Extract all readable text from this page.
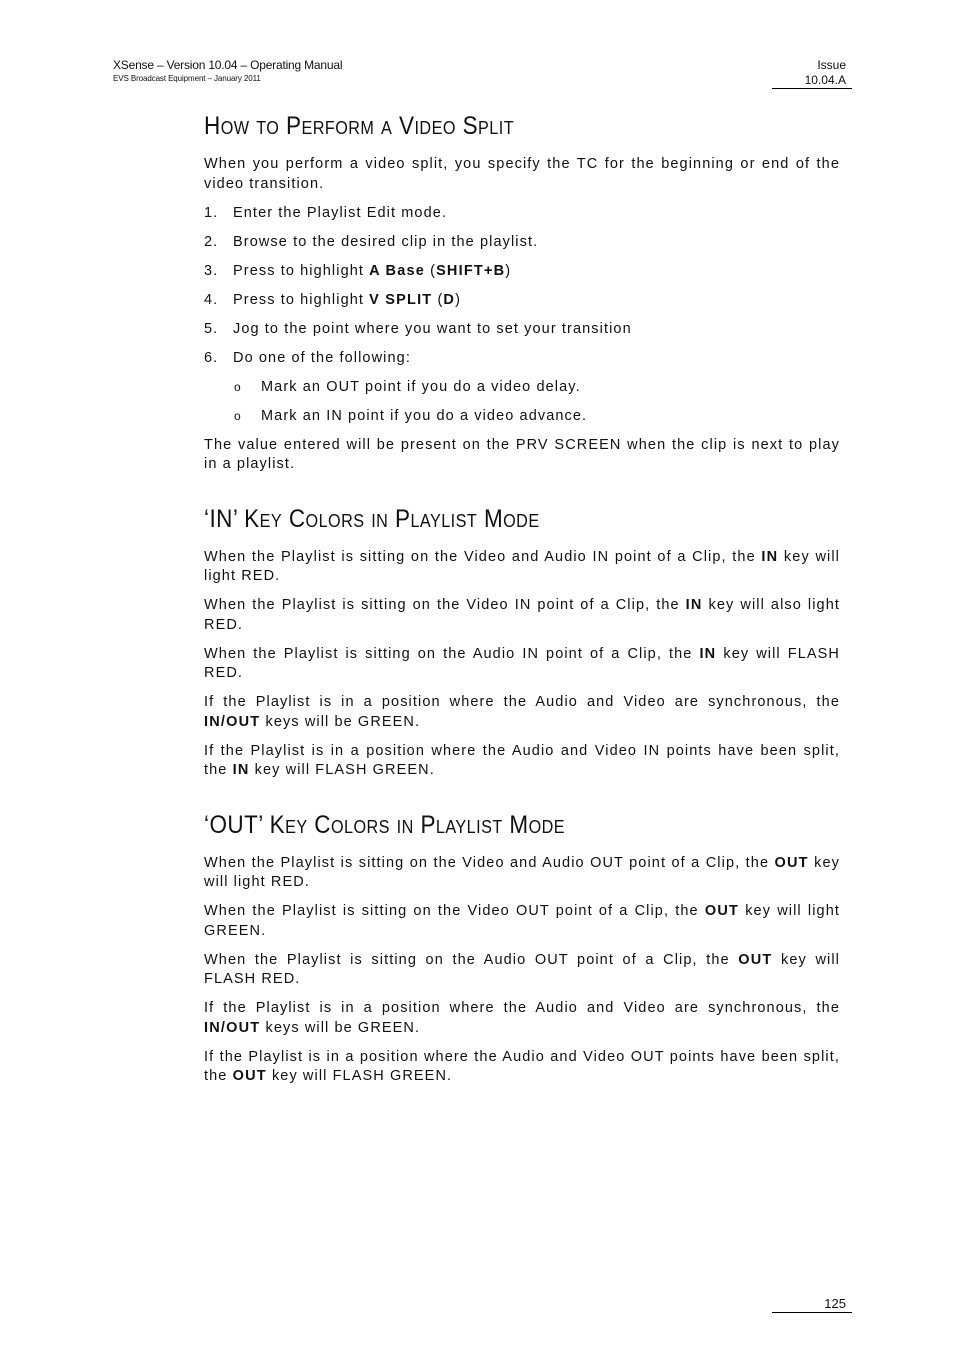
XSense – Version 10.04 – Operating Manual
EVS Broadcast Equipment – January 2011
Issue
10.04.A
How to Perform a Video Split

When you perform a video split, you specify the TC for the beginning or end of the video transition.

1.	Enter the Playlist Edit mode.
2.	Browse to the desired clip in the playlist.
3.	Press to highlight A Base (SHIFT+B)
4.	Press to highlight V SPLIT (D)
5.	Jog to the point where you want to set your transition
6.	Do one of the following:
o	Mark an OUT point if you do a video delay.
o	Mark an IN point if you do a video advance.

The value entered will be present on the PRV SCREEN when the clip is next to play in a playlist.

‘IN’ Key Colors in Playlist Mode

When the Playlist is sitting on the Video and Audio IN point of a Clip, the IN key will light RED.

When the Playlist is sitting on the Video IN point of a Clip, the IN key will also light RED.

When the Playlist is sitting on the Audio IN point of a Clip, the IN key will FLASH RED.

If the Playlist is in a position where the Audio and Video are synchronous, the IN/OUT keys will be GREEN.

If the Playlist is in a position where the Audio and Video IN points have been split, the IN key will FLASH GREEN.

‘OUT’ Key Colors in Playlist Mode

When the Playlist is sitting on the Video and Audio OUT point of a Clip, the OUT key will light RED.

When the Playlist is sitting on the Video OUT point of a Clip, the OUT key will light GREEN.

When the Playlist is sitting on the Audio OUT point of a Clip, the OUT key will FLASH RED.

If the Playlist is in a position where the Audio and Video are synchronous, the IN/OUT keys will be GREEN.

If the Playlist is in a position where the Audio and Video OUT points have been split, the OUT key will FLASH GREEN.

125
